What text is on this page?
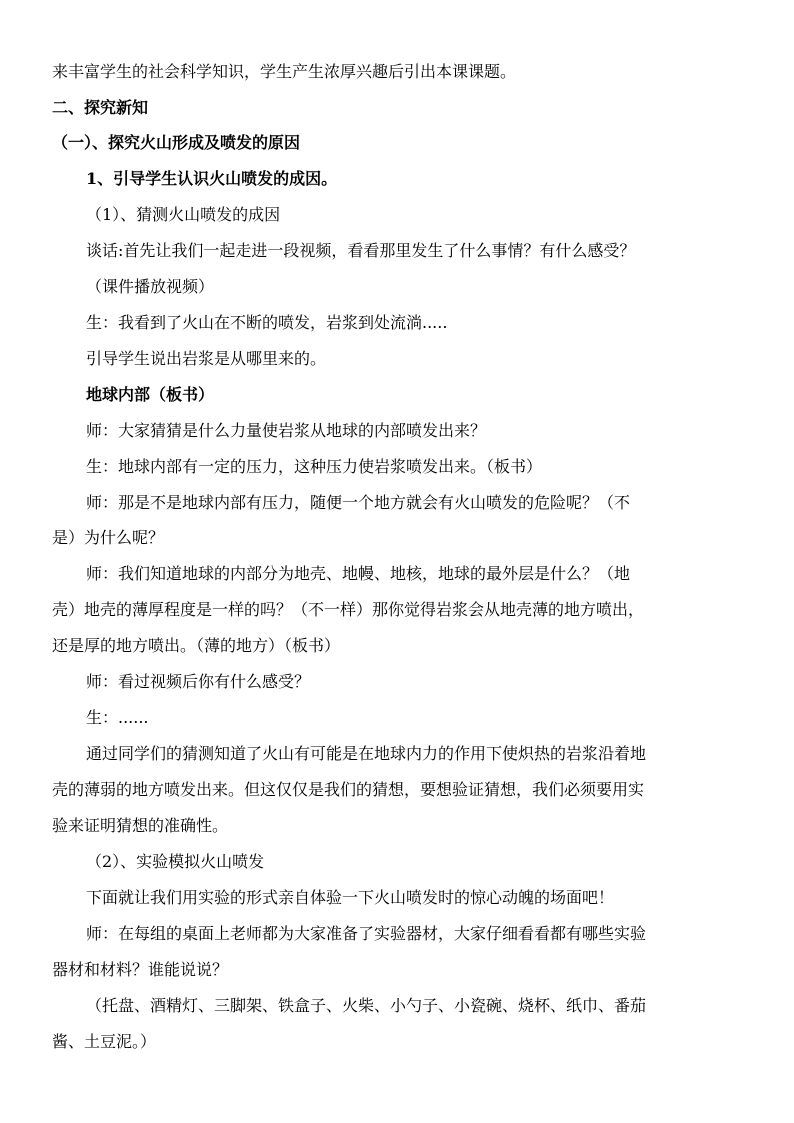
来丰富学生的社会科学知识，学生产生浓厚兴趣后引出本课课题。
二、探究新知
（一）、探究火山形成及喷发的原因
1、引导学生认识火山喷发的成因。
（1）、猜测火山喷发的成因
谈话:首先让我们一起走进一段视频，看看那里发生了什么事情？有什么感受？
（课件播放视频）
生：我看到了火山在不断的喷发，岩浆到处流淌.....
引导学生说出岩浆是从哪里来的。
地球内部（板书）
师：大家猜猜是什么力量使岩浆从地球的内部喷发出来？
生：地球内部有一定的压力，这种压力使岩浆喷发出来。（板书）
师：那是不是地球内部有压力，随便一个地方就会有火山喷发的危险呢？（不
是）为什么呢？
师：我们知道地球的内部分为地壳、地幔、地核，地球的最外层是什么？（地
壳）地壳的薄厚程度是一样的吗？（不一样）那你觉得岩浆会从地壳薄的地方喷出，
还是厚的地方喷出。（薄的地方）（板书）
师：看过视频后你有什么感受？
生：......
通过同学们的猜测知道了火山有可能是在地球内力的作用下使炽热的岩浆沿着地
壳的薄弱的地方喷发出来。但这仅仅是我们的猜想，要想验证猜想，我们必须要用实
验来证明猜想的准确性。
（2）、实验模拟火山喷发
下面就让我们用实验的形式亲自体验一下火山喷发时的惊心动魄的场面吧！
师：在每组的桌面上老师都为大家准备了实验器材，大家仔细看看都有哪些实验
器材和材料？谁能说说？
（托盘、酒精灯、三脚架、铁盒子、火柴、小勺子、小瓷碗、烧杯、纸巾、番茄
酱、土豆泥。）
